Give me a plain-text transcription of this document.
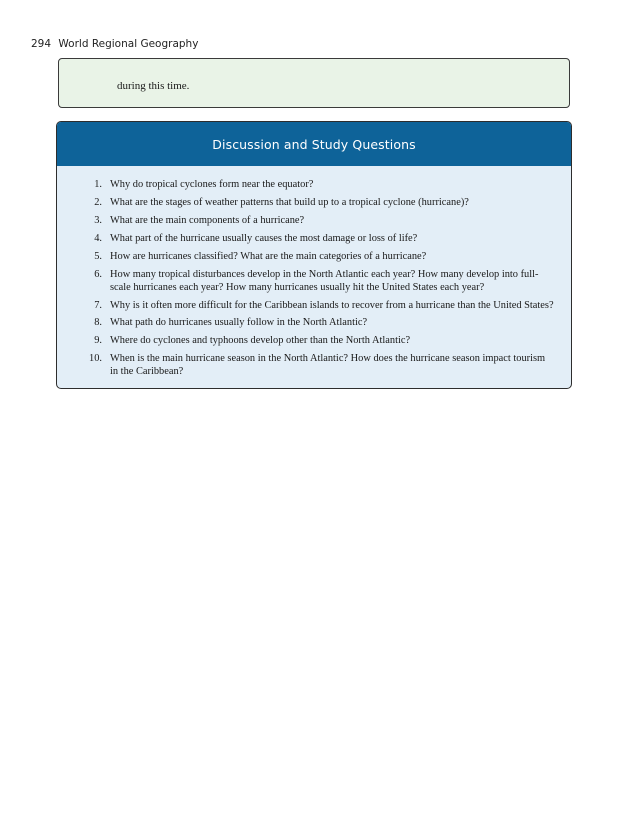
294 World Regional Geography
during this time.
Discussion and Study Questions
1. Why do tropical cyclones form near the equator?
2. What are the stages of weather patterns that build up to a tropical cyclone (hurricane)?
3. What are the main components of a hurricane?
4. What part of the hurricane usually causes the most damage or loss of life?
5. How are hurricanes classified? What are the main categories of a hurricane?
6. How many tropical disturbances develop in the North Atlantic each year? How many develop into full-scale hurricanes each year? How many hurricanes usually hit the United States each year?
7. Why is it often more difficult for the Caribbean islands to recover from a hurricane than the United States?
8. What path do hurricanes usually follow in the North Atlantic?
9. Where do cyclones and typhoons develop other than the North Atlantic?
10. When is the main hurricane season in the North Atlantic? How does the hurricane season impact tourism in the Caribbean?
